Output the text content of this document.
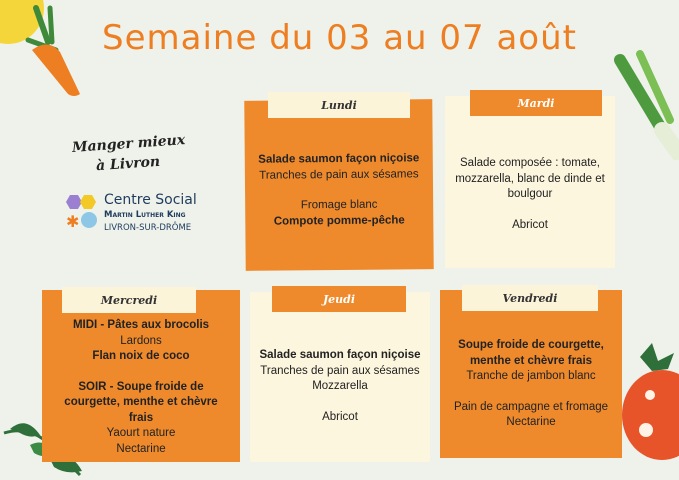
Semaine du 03 au 07 août
Manger mieux
à Livron
✱
Centre Social
Martin Luther King
LIVRON-SUR-DRÔME
Salade saumon façon niçoise
Tranches de pain aux sésames
Fromage blanc
Compote pomme-pêche
Lundi
Salade composée : tomate,
mozzarella, blanc de dinde et
boulgour
Abricot
Mardi
MIDI - Pâtes aux brocolis
Lardons
Flan noix de coco
SOIR - Soupe froide de
courgette, menthe et chèvre
frais
Yaourt nature
Nectarine
Mercredi
Salade saumon façon niçoise
Tranches de pain aux sésames
Mozzarella
Abricot
Jeudi
Soupe froide de courgette,
menthe et chèvre frais
Tranche de jambon blanc
Pain de campagne et fromage
Nectarine
Vendredi
